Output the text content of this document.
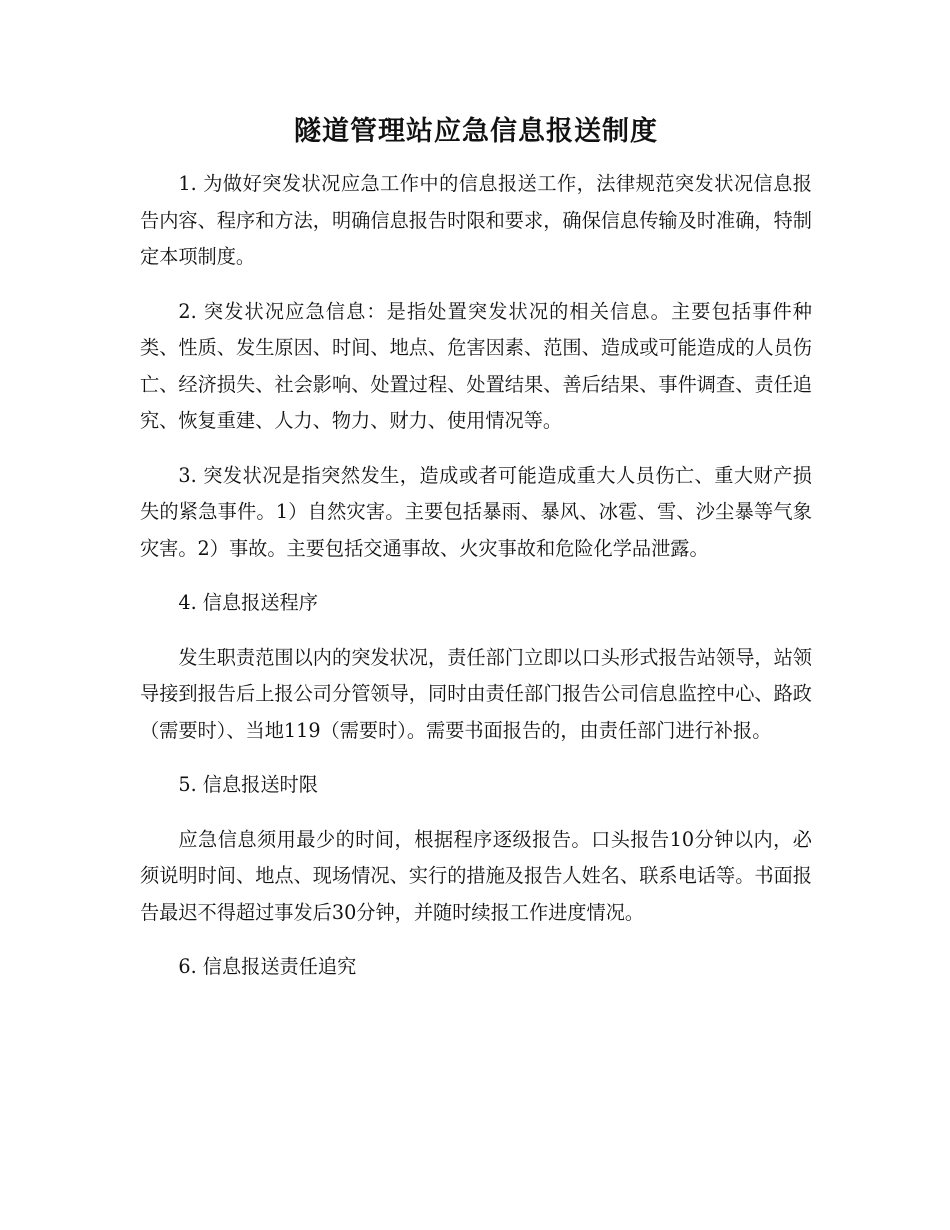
隧道管理站应急信息报送制度

1. 为做好突发状况应急工作中的信息报送工作，法律规范突发状况信息报告内容、程序和方法，明确信息报告时限和要求，确保信息传输及时准确，特制定本项制度。

2. 突发状况应急信息：是指处置突发状况的相关信息。主要包括事件种类、性质、发生原因、时间、地点、危害因素、范围、造成或可能造成的人员伤亡、经济损失、社会影响、处置过程、处置结果、善后结果、事件调查、责任追究、恢复重建、人力、物力、财力、使用情况等。

3. 突发状况是指突然发生，造成或者可能造成重大人员伤亡、重大财产损失的紧急事件。1）自然灾害。主要包括暴雨、暴风、冰雹、雪、沙尘暴等气象灾害。2）事故。主要包括交通事故、火灾事故和危险化学品泄露。

4. 信息报送程序

发生职责范围以内的突发状况，责任部门立即以口头形式报告站领导，站领导接到报告后上报公司分管领导，同时由责任部门报告公司信息监控中心、路政（需要时）、当地119（需要时）。需要书面报告的，由责任部门进行补报。

5. 信息报送时限

应急信息须用最少的时间，根据程序逐级报告。口头报告10分钟以内，必须说明时间、地点、现场情况、实行的措施及报告人姓名、联系电话等。书面报告最迟不得超过事发后30分钟，并随时续报工作进度情况。

6. 信息报送责任追究
